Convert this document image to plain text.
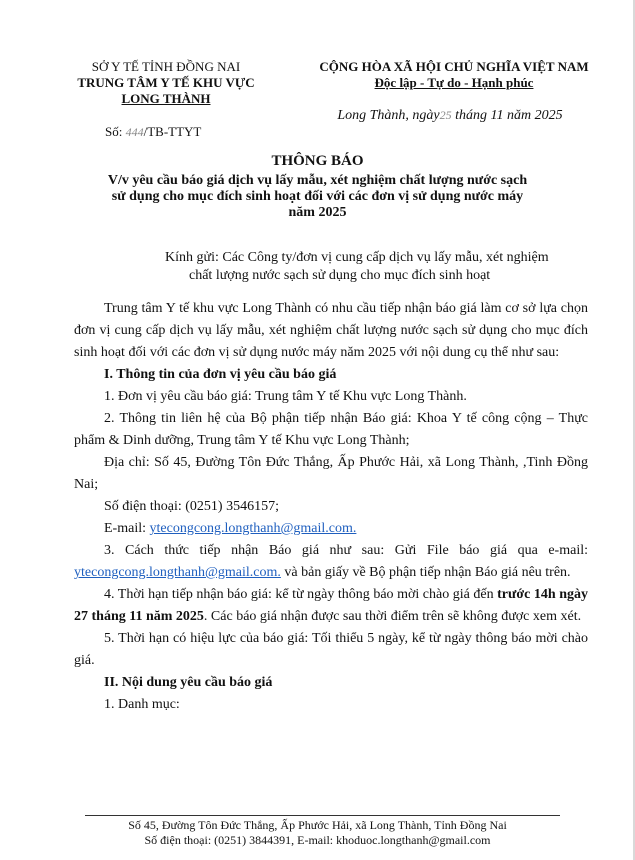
SỞ Y TẾ TỈNH ĐỒNG NAI
TRUNG TÂM Y TẾ KHU VỰC
LONG THÀNH
Số: 444/TB-TTYT
CỘNG HÒA XÃ HỘI CHỦ NGHĨA VIỆT NAM
Độc lập - Tự do - Hạnh phúc
Long Thành, ngày25 tháng 11 năm 2025
THÔNG BÁO
V/v yêu cầu báo giá dịch vụ lấy mẫu, xét nghiệm chất lượng nước sạch
sử dụng cho mục đích sinh hoạt đối với các đơn vị sử dụng nước máy
năm 2025
Kính gửi: Các Công ty/đơn vị cung cấp dịch vụ lấy mẫu, xét nghiệm
chất lượng nước sạch sử dụng cho mục đích sinh hoạt

Trung tâm Y tế khu vực Long Thành có nhu cầu tiếp nhận báo giá làm cơ sở lựa chọn đơn vị cung cấp dịch vụ lấy mẫu, xét nghiệm chất lượng nước sạch sử dụng cho mục đích sinh hoạt đối với các đơn vị sử dụng nước máy năm 2025 với nội dung cụ thể như sau:

I. Thông tin của đơn vị yêu cầu báo giá

1. Đơn vị yêu cầu báo giá: Trung tâm Y tế Khu vực Long Thành.

2. Thông tin liên hệ của Bộ phận tiếp nhận Báo giá: Khoa Y tế công cộng – Thực phẩm & Dinh dưỡng, Trung tâm Y tế Khu vực Long Thành;

Địa chỉ: Số 45, Đường Tôn Đức Thắng, Ấp Phước Hải, xã Long Thành, ,Tinh Đồng Nai;

Số điện thoại: (0251) 3546157;

E-mail: ytecongcong.longthanh@gmail.com.

3. Cách thức tiếp nhận Báo giá như sau: Gửi File báo giá qua e-mail: ytecongcong.longthanh@gmail.com. và bản giấy về Bộ phận tiếp nhận Báo giá nêu trên.

4. Thời hạn tiếp nhận báo giá: kể từ ngày thông báo mời chào giá đến trước 14h ngày 27 tháng 11 năm 2025. Các báo giá nhận được sau thời điểm trên sẽ không được xem xét.

5. Thời hạn có hiệu lực của báo giá: Tối thiểu 5 ngày, kể từ ngày thông báo mời chào giá.

II. Nội dung yêu cầu báo giá

1. Danh mục:

Số 45, Đường Tôn Đức Thắng, Ấp Phước Hải, xã Long Thành, Tỉnh Đồng Nai
Số điện thoại: (0251) 3844391, E-mail: khoduoc.longthanh@gmail.com
